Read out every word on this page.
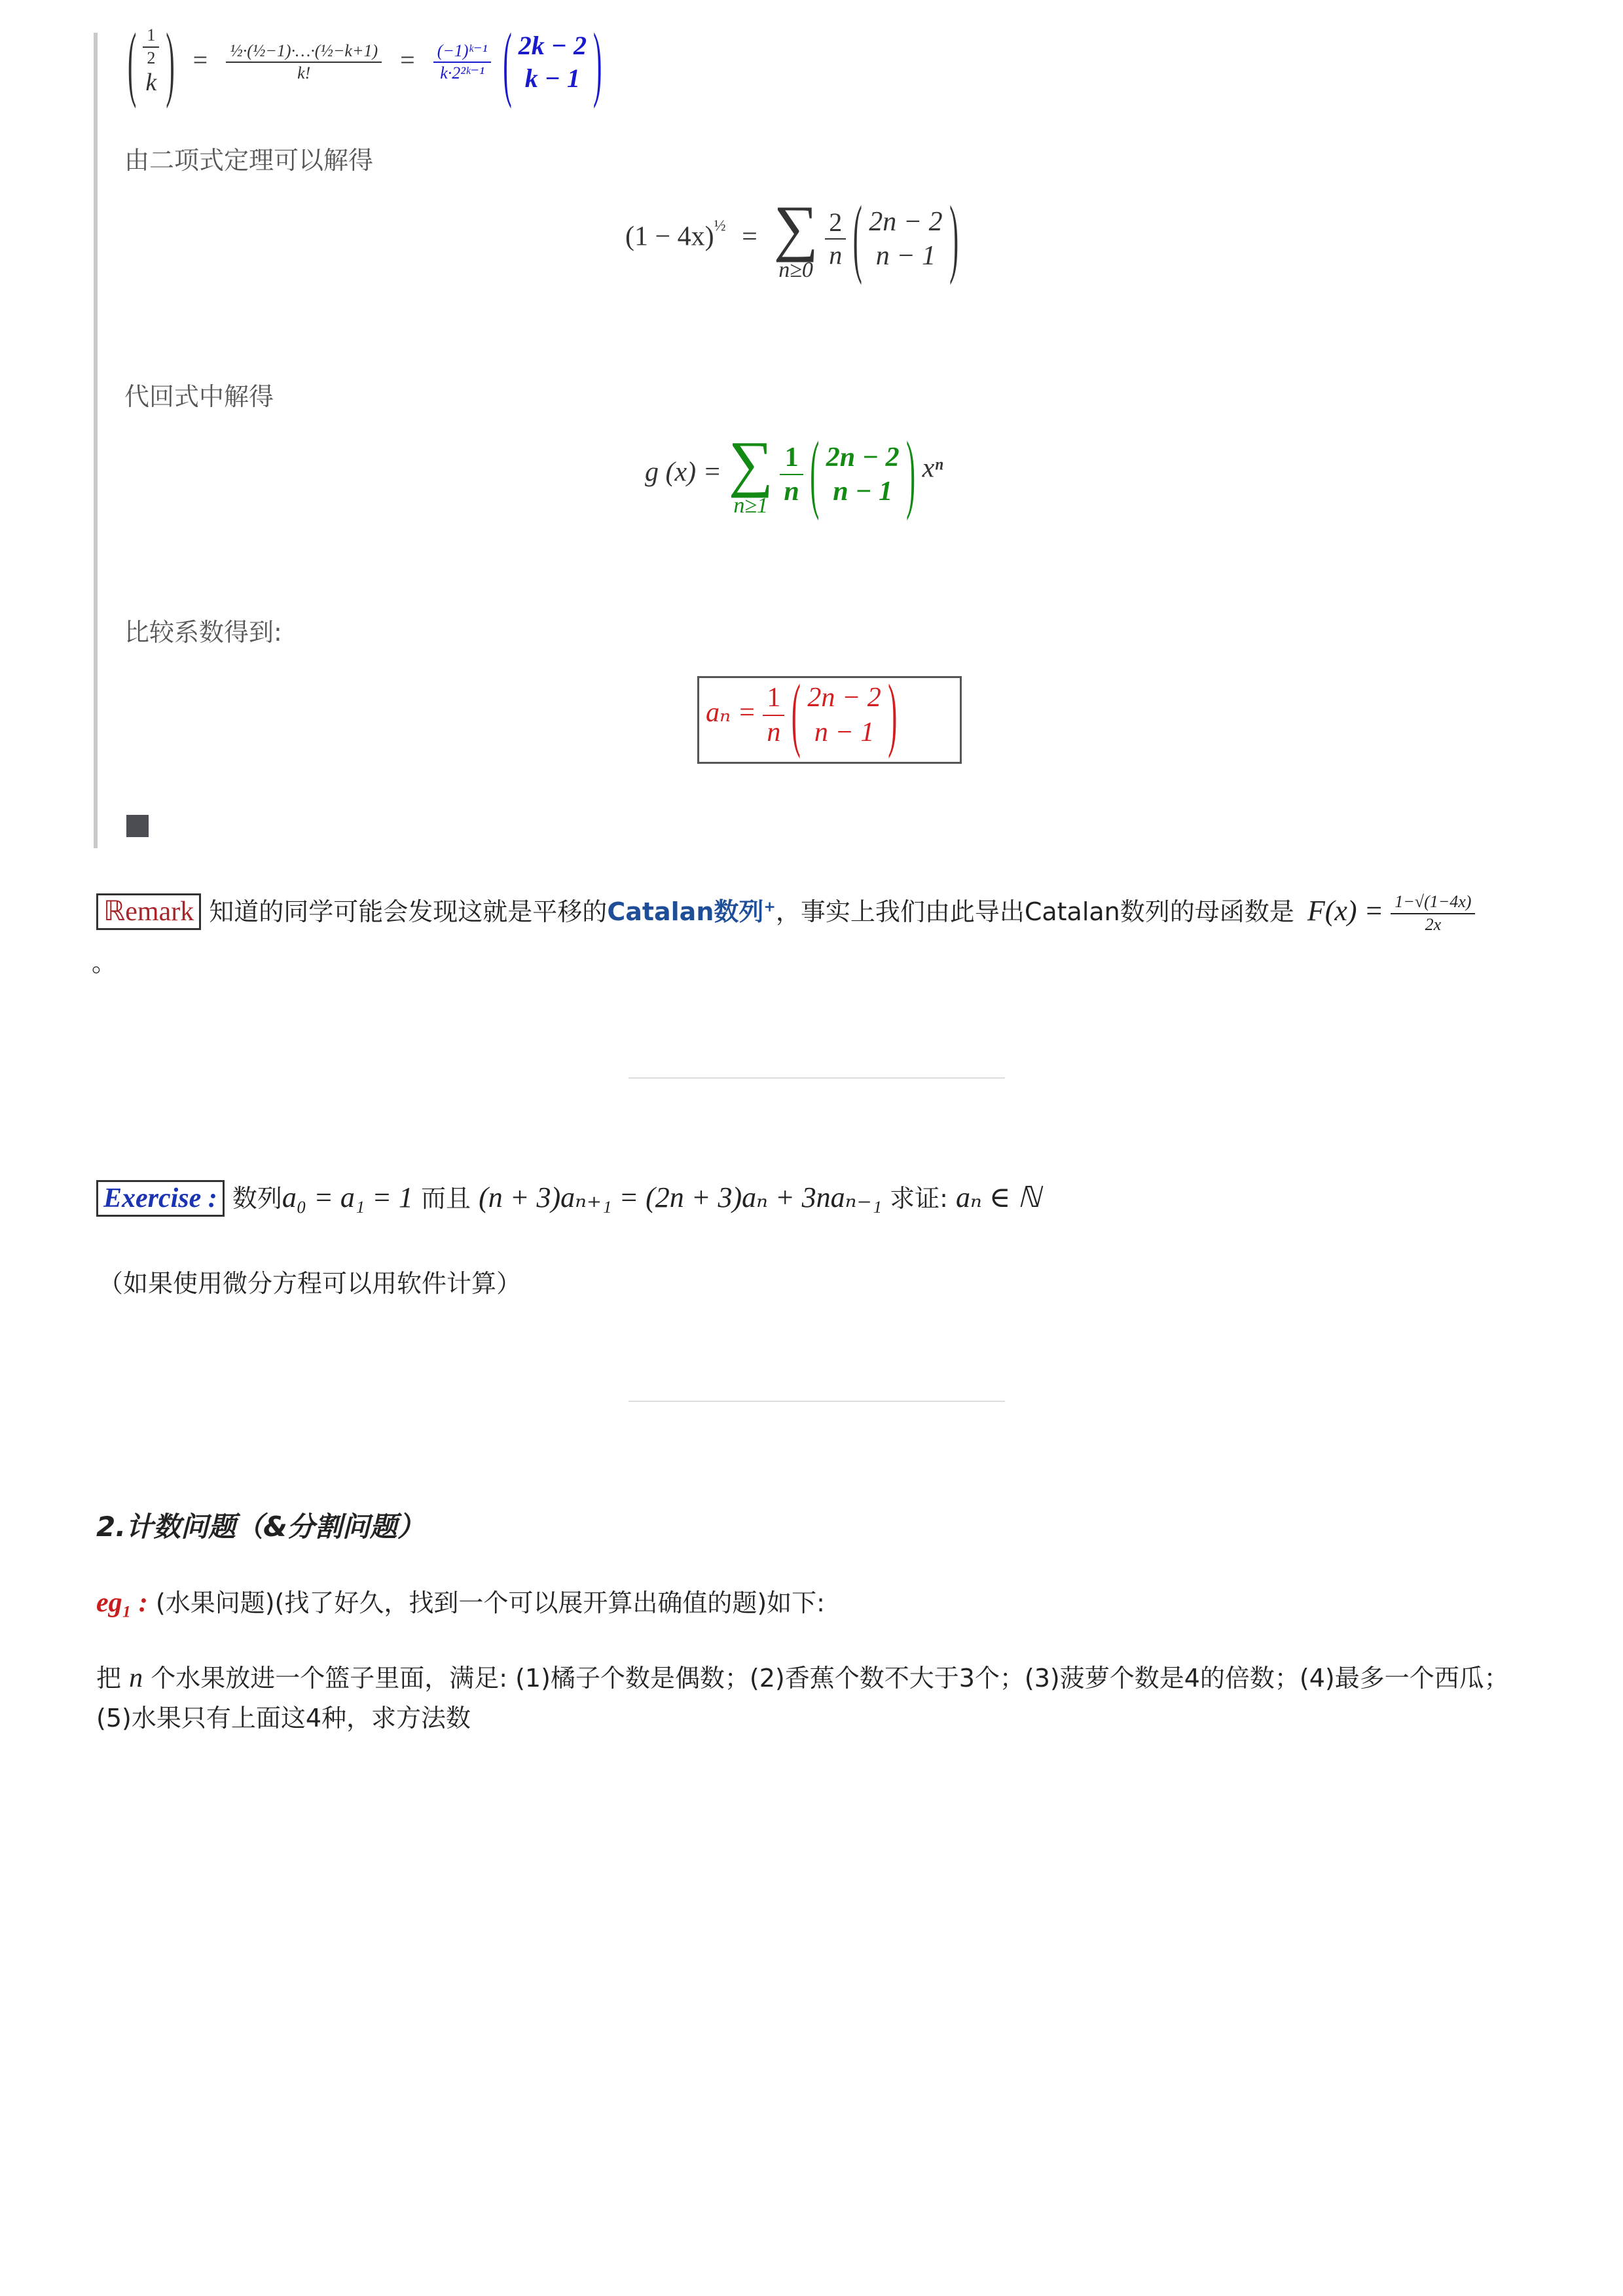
( 1
2
k ) = $\frac{\text{½·(½−1)·…·(½−k+1)}}{k!} = \frac{\text{(−1)ᵏ⁻¹}}{\text{k·2²ᵏ⁻¹}}$ ( 2k − 2
k − 1 )
由二项式定理可以解得
$(1 - 4x)^{\frac{1}{2}}$ = ∑
n≥0

$\frac{2}{n}$ ( 2n − 2
n − 1 )
代回式中解得
g (x) = ∑
n≥1
$\frac{1}{n}$ ( 2n − 2
n − 1 ) xⁿ
比较系数得到:
$a_n = \frac{1}{n}$ ( 2n − 2
n − 1 )
ℝemark 知道的同学可能会发现这就是平移的Catalan数列+，事实上我们由此导出Catalan数列的母函数是 $F(x) = \frac{1-√(1-4x)}{2x}$
。
Exercise : 数列a₀ = a₁ = 1 而且 (n + 3)aₙ₊₁ = (2n + 3)aₙ + 3naₙ₋₁ 求证: aₙ ∈ ℕ
（如果使用微分方程可以用软件计算）
2.计数问题（&分割问题）
eg₁ : (水果问题)(找了好久，找到一个可以展开算出确值的题)如下:
把 n 个水果放进一个篮子里面，满足: (1)橘子个数是偶数；(2)香蕉个数不大于3个；(3)菠萝个数是4的倍数；(4)最多一个西瓜；
(5)水果只有上面这4种，求方法数
